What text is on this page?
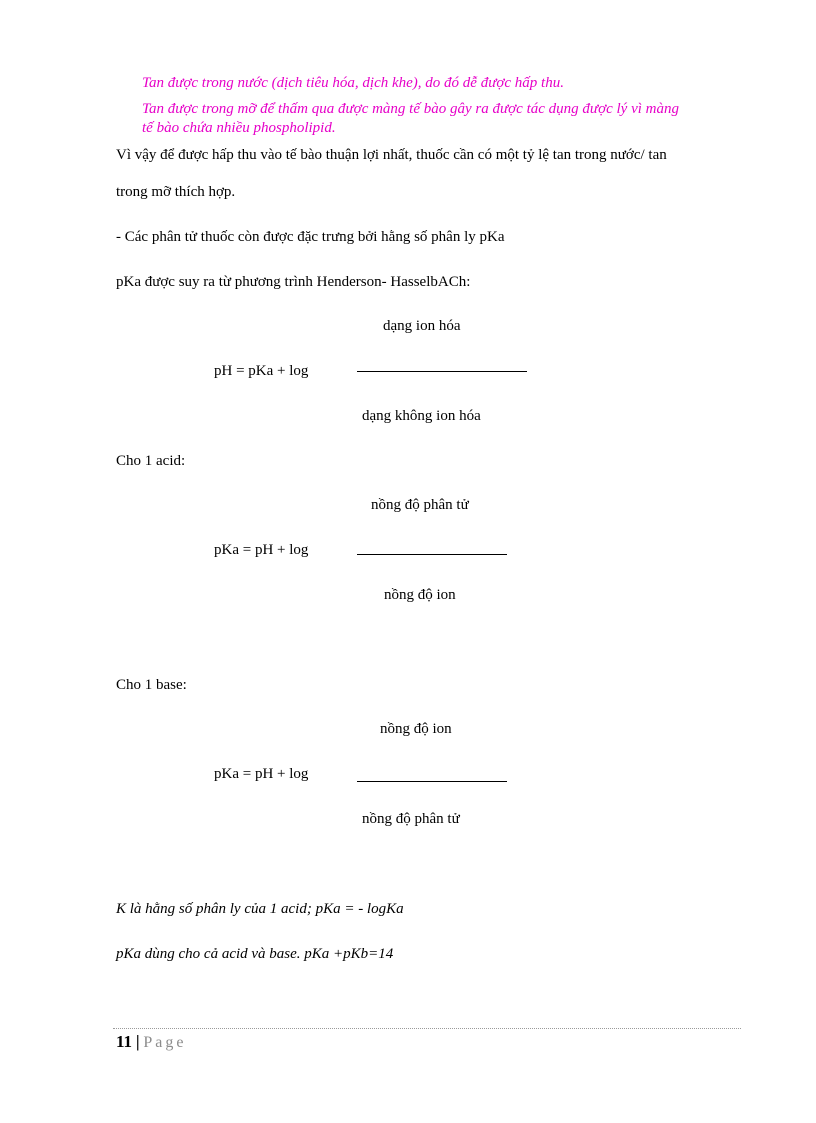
Tan được trong nước (dịch tiêu hóa, dịch khe), do đó dễ được hấp thu.
Tan được trong mỡ để thấm qua được màng tế bào gây ra được tác dụng được lý vì màng
tế bào chứa nhiều phospholipid.
Vì vậy để được hấp thu vào tế bào thuận lợi nhất, thuốc cần có một tỷ lệ tan trong nước/ tan
trong mỡ thích hợp.
- Các phân tử thuốc còn được đặc trưng bởi hằng số phân ly pKa
pKa được suy ra từ phương trình Henderson- HasselbACh:
dạng ion hóa
pH = pKa + log
dạng không ion hóa
Cho 1 acid:
nồng độ phân tử
pKa = pH + log
nồng độ ion
Cho 1 base:
nồng độ ion
pKa = pH + log
nồng độ phân tử
K là hằng số phân ly của 1 acid; pKa = - logKa
pKa dùng cho cả acid và base. pKa +pKb=14
11 | Page
